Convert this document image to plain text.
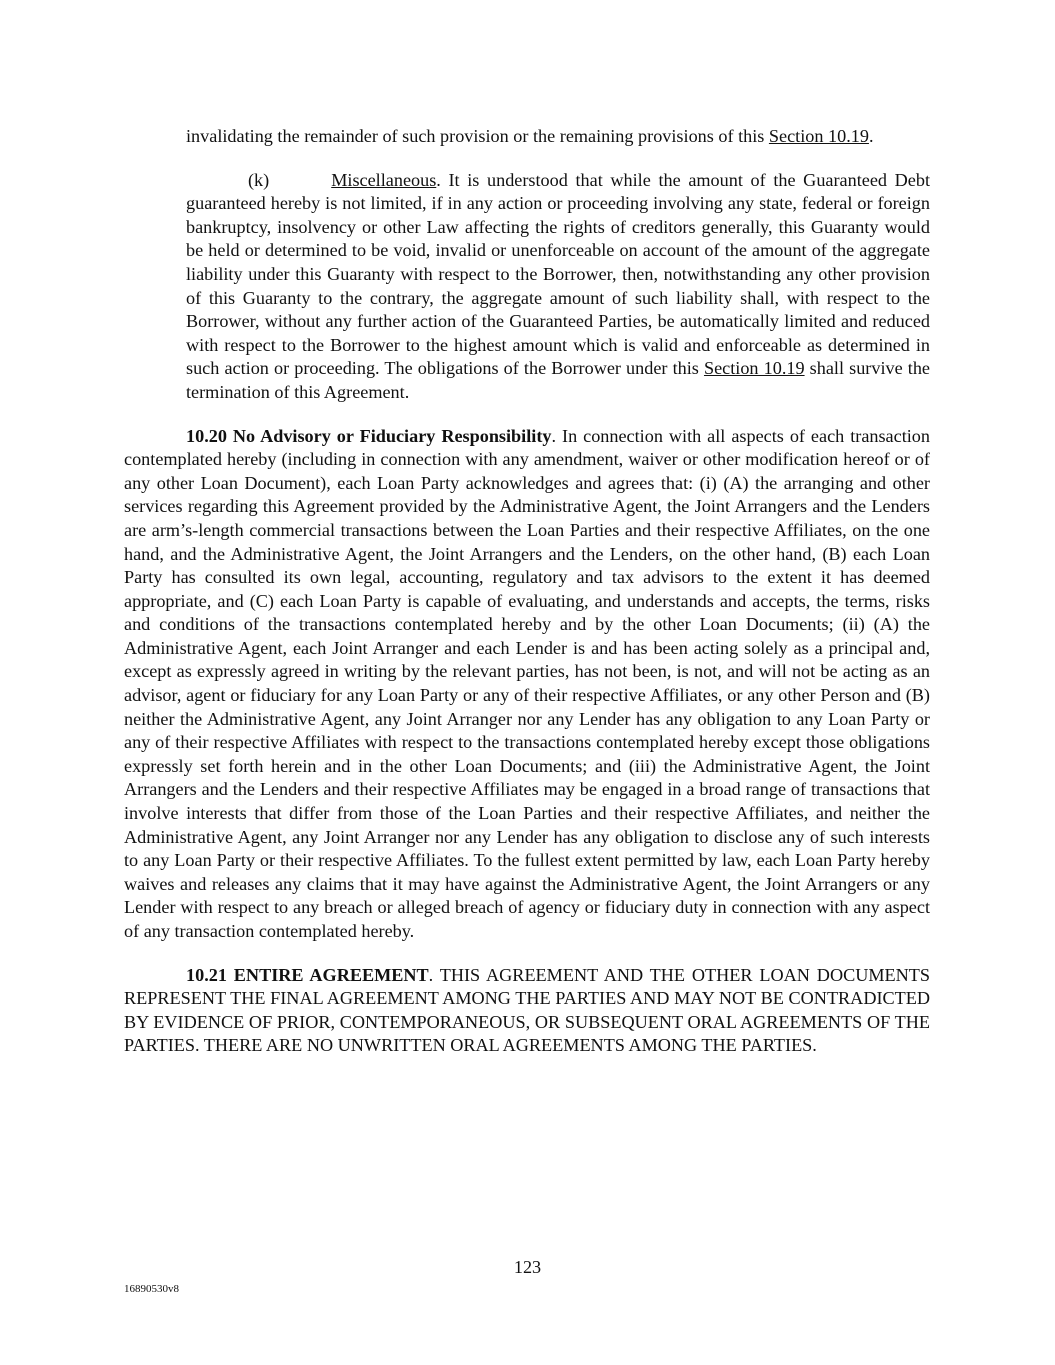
invalidating the remainder of such provision or the remaining provisions of this Section 10.19.

(k)	Miscellaneous. It is understood that while the amount of the Guaranteed Debt guaranteed hereby is not limited, if in any action or proceeding involving any state, federal or foreign bankruptcy, insolvency or other Law affecting the rights of creditors generally, this Guaranty would be held or determined to be void, invalid or unenforceable on account of the amount of the aggregate liability under this Guaranty with respect to the Borrower, then, notwithstanding any other provision of this Guaranty to the contrary, the aggregate amount of such liability shall, with respect to the Borrower, without any further action of the Guaranteed Parties, be automatically limited and reduced with respect to the Borrower to the highest amount which is valid and enforceable as determined in such action or proceeding. The obligations of the Borrower under this Section 10.19 shall survive the termination of this Agreement.

10.20 No Advisory or Fiduciary Responsibility. In connection with all aspects of each transaction contemplated hereby (including in connection with any amendment, waiver or other modification hereof or of any other Loan Document), each Loan Party acknowledges and agrees that: (i) (A) the arranging and other services regarding this Agreement provided by the Administrative Agent, the Joint Arrangers and the Lenders are arm’s-length commercial transactions between the Loan Parties and their respective Affiliates, on the one hand, and the Administrative Agent, the Joint Arrangers and the Lenders, on the other hand, (B) each Loan Party has consulted its own legal, accounting, regulatory and tax advisors to the extent it has deemed appropriate, and (C) each Loan Party is capable of evaluating, and understands and accepts, the terms, risks and conditions of the transactions contemplated hereby and by the other Loan Documents; (ii) (A) the Administrative Agent, each Joint Arranger and each Lender is and has been acting solely as a principal and, except as expressly agreed in writing by the relevant parties, has not been, is not, and will not be acting as an advisor, agent or fiduciary for any Loan Party or any of their respective Affiliates, or any other Person and (B) neither the Administrative Agent, any Joint Arranger nor any Lender has any obligation to any Loan Party or any of their respective Affiliates with respect to the transactions contemplated hereby except those obligations expressly set forth herein and in the other Loan Documents; and (iii) the Administrative Agent, the Joint Arrangers and the Lenders and their respective Affiliates may be engaged in a broad range of transactions that involve interests that differ from those of the Loan Parties and their respective Affiliates, and neither the Administrative Agent, any Joint Arranger nor any Lender has any obligation to disclose any of such interests to any Loan Party or their respective Affiliates. To the fullest extent permitted by law, each Loan Party hereby waives and releases any claims that it may have against the Administrative Agent, the Joint Arrangers or any Lender with respect to any breach or alleged breach of agency or fiduciary duty in connection with any aspect of any transaction contemplated hereby.

10.21 ENTIRE AGREEMENT. THIS AGREEMENT AND THE OTHER LOAN DOCUMENTS REPRESENT THE FINAL AGREEMENT AMONG THE PARTIES AND MAY NOT BE CONTRADICTED BY EVIDENCE OF PRIOR, CONTEMPORANEOUS, OR SUBSEQUENT ORAL AGREEMENTS OF THE PARTIES. THERE ARE NO UNWRITTEN ORAL AGREEMENTS AMONG THE PARTIES.

123
16890530v8
